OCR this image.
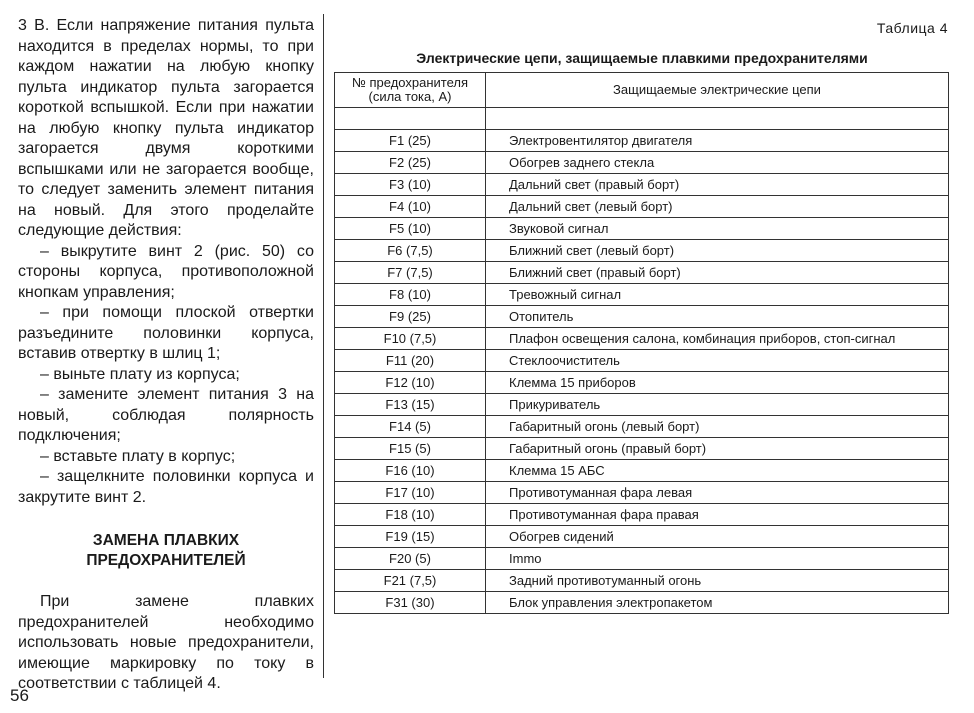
3 В. Если напряжение питания пульта находится в пределах нормы, то при каждом нажатии на любую кнопку пульта индикатор пульта загорается короткой вспышкой. Если при нажатии на любую кнопку пульта индикатор загорается двумя короткими вспышками или не загорается вообще, то следует заменить элемент питания на новый. Для этого проделайте следующие действия:

– выкрутите винт 2 (рис. 50) со стороны корпуса, противоположной кнопкам управления;

– при помощи плоской отвертки разъедините половинки корпуса, вставив отвертку в шлиц 1;

– выньте плату из корпуса;

– замените элемент питания 3 на новый, соблюдая полярность подключения;

– вставьте плату в корпус;

– защелкните половинки корпуса и закрутите винт 2.

ЗАМЕНА ПЛАВКИХ
ПРЕДОХРАНИТЕЛЕЙ

При замене плавких предохранителей необходимо использовать новые предохранители, имеющие маркировку по току в соответствии с таблицей 4.

56
Таблица 4
Электрические цепи, защищаемые плавкими предохранителями
№ предохранителя
(сила тока, А)	Защищаемые электрические цепи

F1 (25)	Электровентилятор двигателя
F2 (25)	Обогрев заднего стекла
F3 (10)	Дальний свет (правый борт)
F4 (10)	Дальний свет (левый борт)
F5 (10)	Звуковой сигнал
F6 (7,5)	Ближний свет (левый борт)
F7 (7,5)	Ближний свет (правый борт)
F8 (10)	Тревожный сигнал
F9 (25)	Отопитель
F10 (7,5)	Плафон освещения салона, комбинация приборов, стоп-сигнал
F11 (20)	Стеклоочиститель
F12 (10)	Клемма 15 приборов
F13 (15)	Прикуриватель
F14 (5)	Габаритный огонь (левый борт)
F15 (5)	Габаритный огонь (правый борт)
F16 (10)	Клемма 15 АБС
F17 (10)	Противотуманная фара левая
F18 (10)	Противотуманная фара правая
F19 (15)	Обогрев сидений
F20 (5)	Immo
F21 (7,5)	Задний противотуманный огонь
F31 (30)	Блок управления электропакетом
